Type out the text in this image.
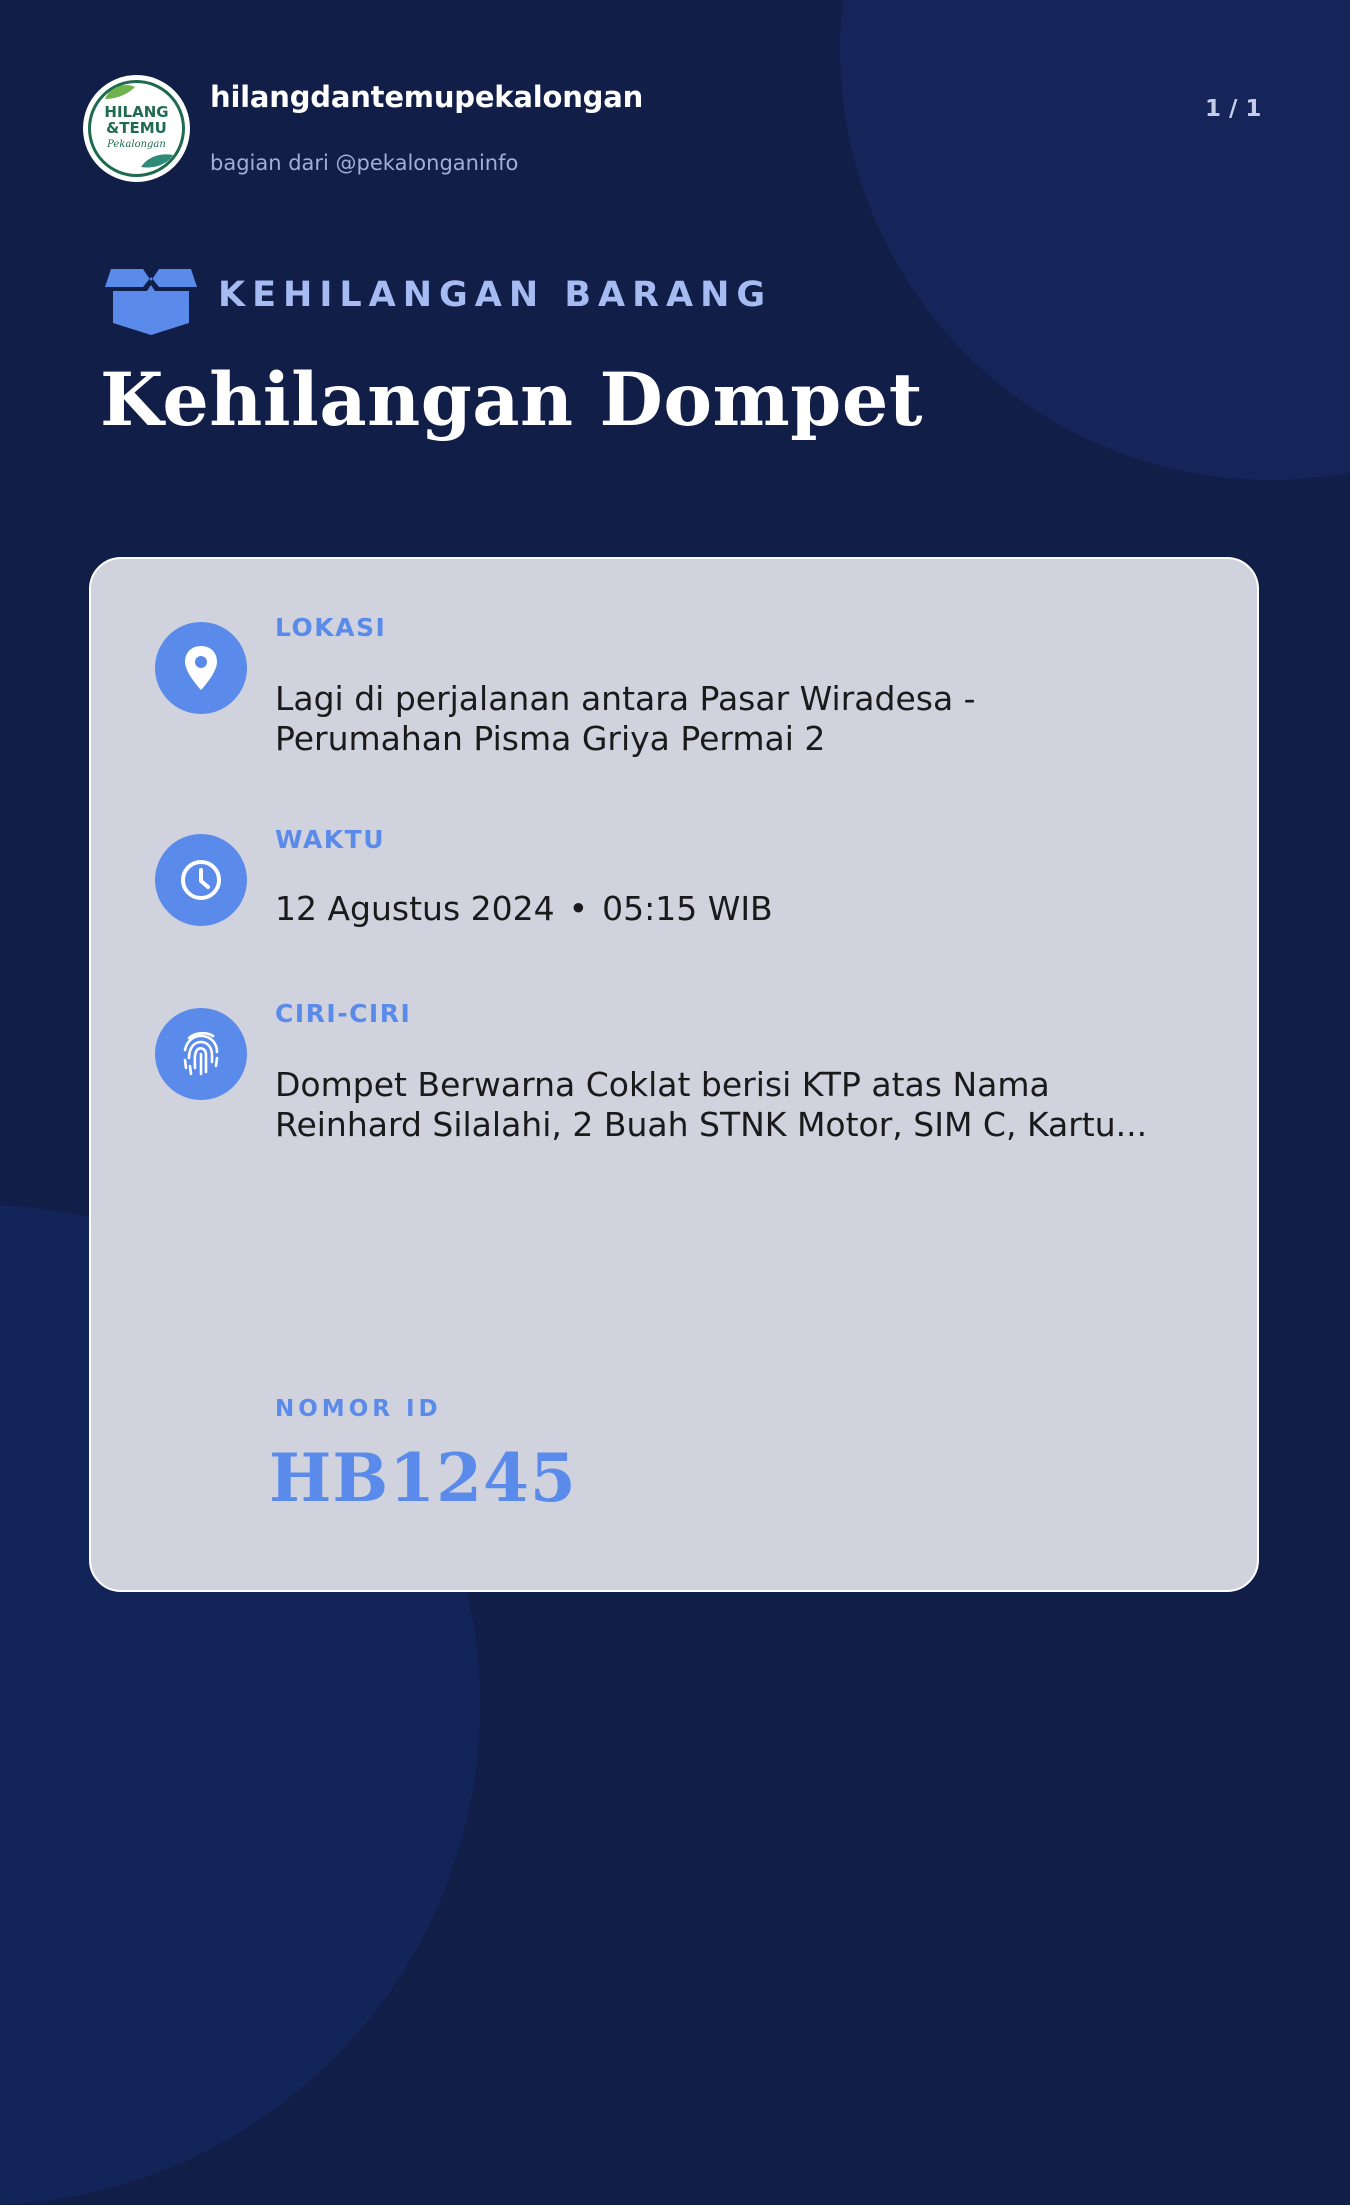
HILANG
&TEMU
Pekalongan
hilangdantemupekalongan
bagian dari @pekalonganinfo
1 / 1
KEHILANGAN BARANG
Kehilangan Dompet
LOKASI
Lagi di perjalanan antara Pasar Wiradesa - Perumahan Pisma Griya Permai 2
WAKTU
12 Agustus 2024 • 05:15 WIB
CIRI-CIRI
Dompet Berwarna Coklat berisi KTP atas Nama Reinhard Silalahi, 2 Buah STNK Motor, SIM C, Kartu...
NOMOR ID
HB1245
